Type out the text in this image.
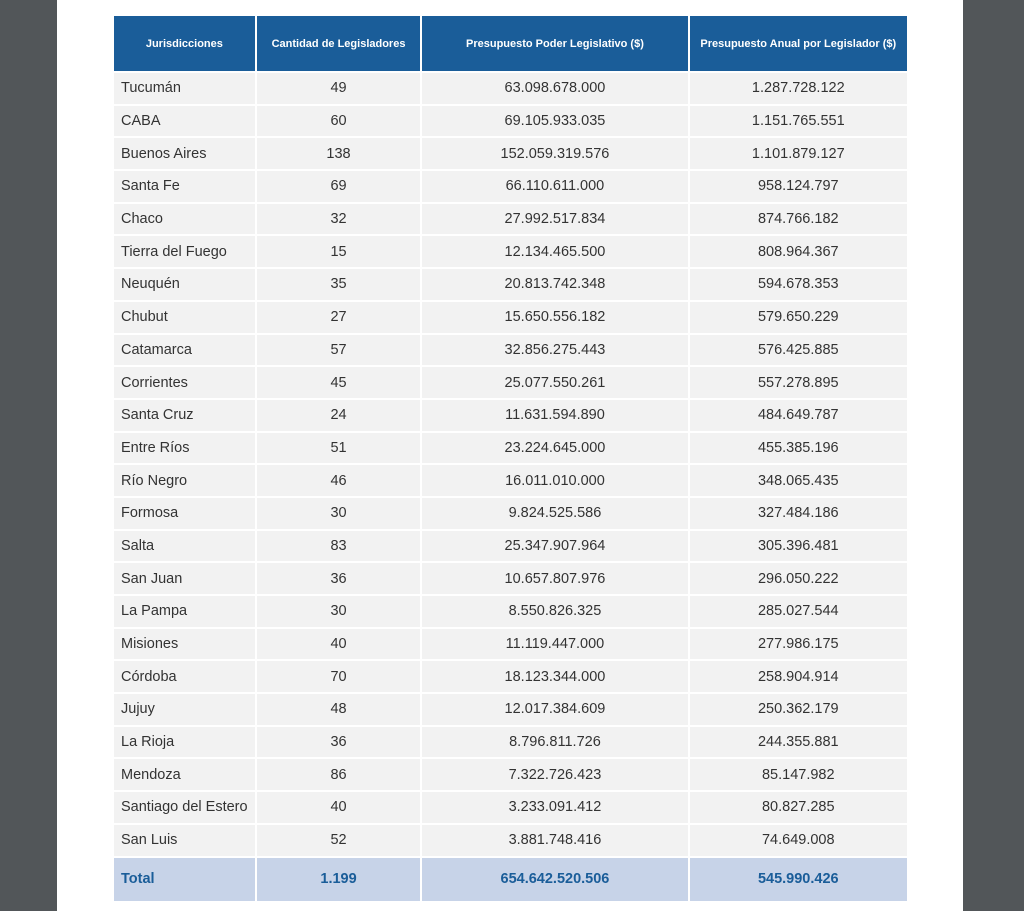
Jurisdicciones	Cantidad de Legisladores	Presupuesto Poder Legislativo ($)	Presupuesto Anual por Legislador ($)
Tucumán	49	63.098.678.000	1.287.728.122
CABA	60	69.105.933.035	1.151.765.551
Buenos Aires	138	152.059.319.576	1.101.879.127
Santa Fe	69	66.110.611.000	958.124.797
Chaco	32	27.992.517.834	874.766.182
Tierra del Fuego	15	12.134.465.500	808.964.367
Neuquén	35	20.813.742.348	594.678.353
Chubut	27	15.650.556.182	579.650.229
Catamarca	57	32.856.275.443	576.425.885
Corrientes	45	25.077.550.261	557.278.895
Santa Cruz	24	11.631.594.890	484.649.787
Entre Ríos	51	23.224.645.000	455.385.196
Río Negro	46	16.011.010.000	348.065.435
Formosa	30	9.824.525.586	327.484.186
Salta	83	25.347.907.964	305.396.481
San Juan	36	10.657.807.976	296.050.222
La Pampa	30	8.550.826.325	285.027.544
Misiones	40	11.119.447.000	277.986.175
Córdoba	70	18.123.344.000	258.904.914
Jujuy	48	12.017.384.609	250.362.179
La Rioja	36	8.796.811.726	244.355.881
Mendoza	86	7.322.726.423	85.147.982
Santiago del Estero	40	3.233.091.412	80.827.285
San Luis	52	3.881.748.416	74.649.008
Total	1.199	654.642.520.506	545.990.426
